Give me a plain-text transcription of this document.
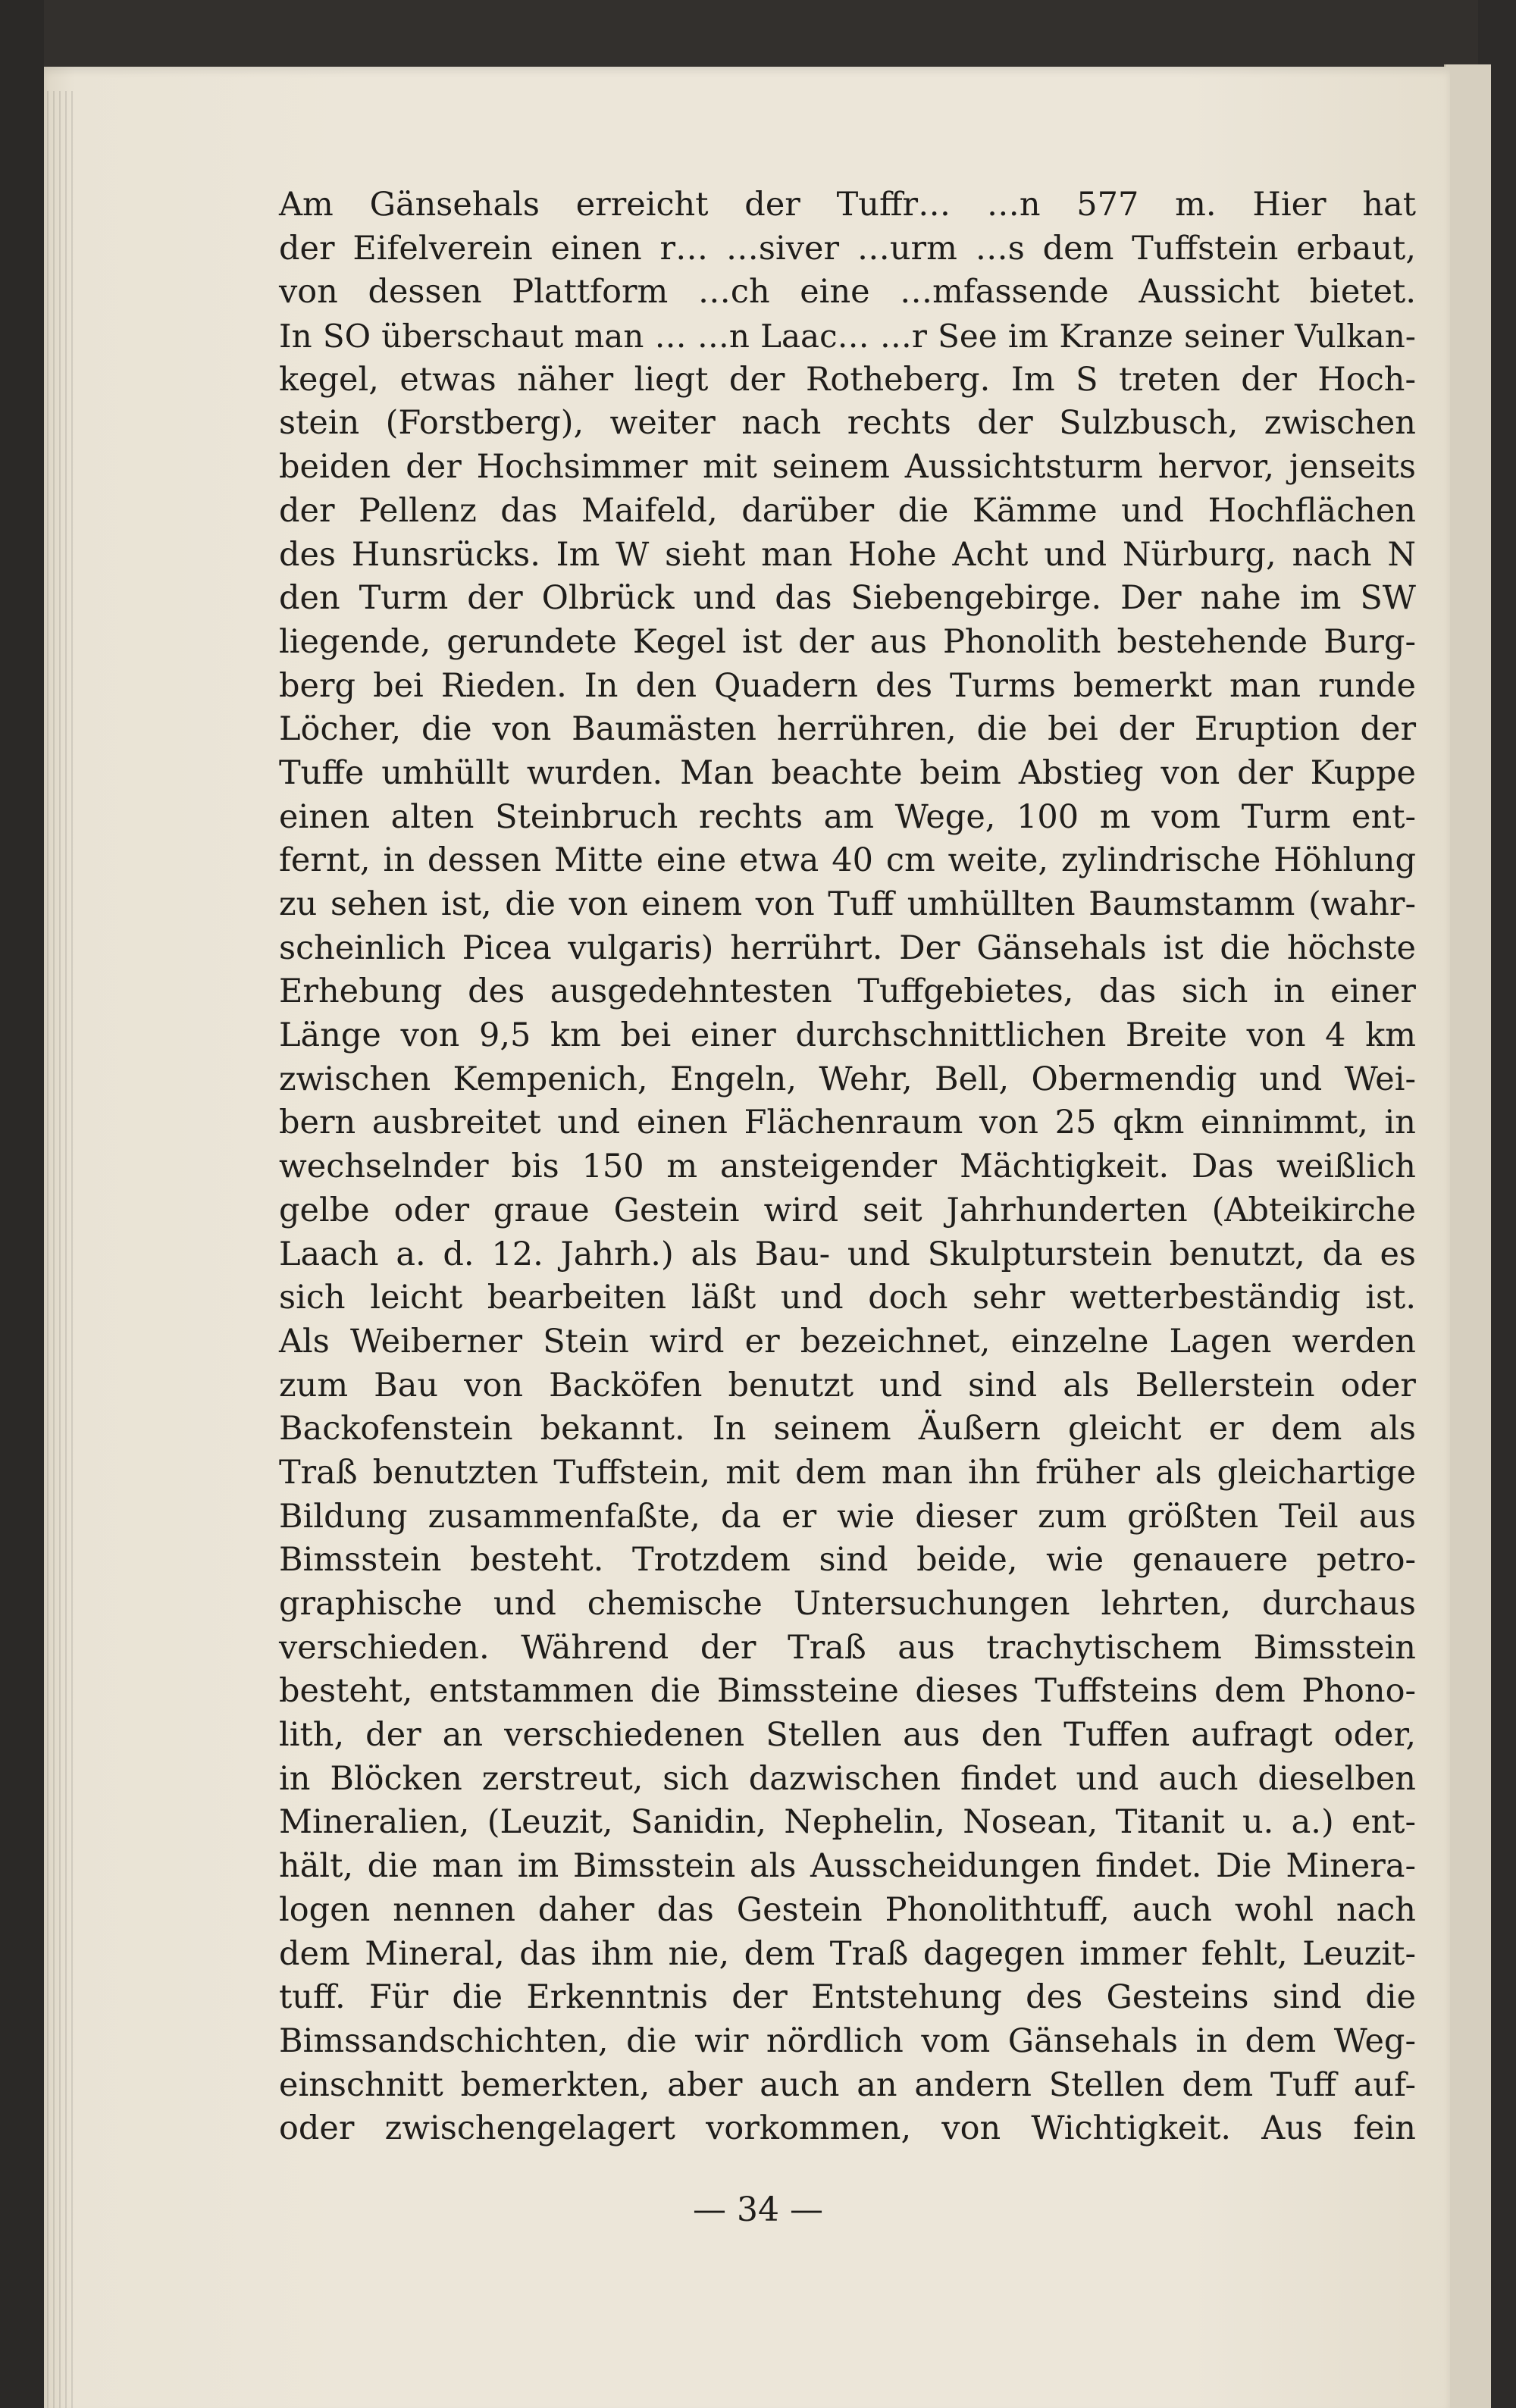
Am Gänsehals erreicht der Tuffr… …n 577 m. Hier hat
der Eifelverein einen r… …siver …urm …s dem Tuffstein erbaut,
von dessen Plattform …ch eine …mfassende Aussicht bietet.
In SO überschaut man … …n Laac… …r See im Kranze seiner Vulkan-
kegel, etwas näher liegt der Rotheberg. Im S treten der Hoch-
stein (Forstberg), weiter nach rechts der Sulzbusch, zwischen
beiden der Hochsimmer mit seinem Aussichtsturm hervor, jenseits
der Pellenz das Maifeld, darüber die Kämme und Hochflächen
des Hunsrücks. Im W sieht man Hohe Acht und Nürburg, nach N
den Turm der Olbrück und das Siebengebirge. Der nahe im SW
liegende, gerundete Kegel ist der aus Phonolith bestehende Burg-
berg bei Rieden. In den Quadern des Turms bemerkt man runde
Löcher, die von Baumästen herrühren, die bei der Eruption der
Tuffe umhüllt wurden. Man beachte beim Abstieg von der Kuppe
einen alten Steinbruch rechts am Wege, 100 m vom Turm ent-
fernt, in dessen Mitte eine etwa 40 cm weite, zylindrische Höhlung
zu sehen ist, die von einem von Tuff umhüllten Baumstamm (wahr-
scheinlich Picea vulgaris) herrührt. Der Gänsehals ist die höchste
Erhebung des ausgedehntesten Tuffgebietes, das sich in einer
Länge von 9,5 km bei einer durchschnittlichen Breite von 4 km
zwischen Kempenich, Engeln, Wehr, Bell, Obermendig und Wei-
bern ausbreitet und einen Flächenraum von 25 qkm einnimmt, in
wechselnder bis 150 m ansteigender Mächtigkeit. Das weißlich
gelbe oder graue Gestein wird seit Jahrhunderten (Abteikirche
Laach a. d. 12. Jahrh.) als Bau- und Skulpturstein benutzt, da es
sich leicht bearbeiten läßt und doch sehr wetterbeständig ist.
Als Weiberner Stein wird er bezeichnet, einzelne Lagen werden
zum Bau von Backöfen benutzt und sind als Bellerstein oder
Backofenstein bekannt. In seinem Äußern gleicht er dem als
Traß benutzten Tuffstein, mit dem man ihn früher als gleichartige
Bildung zusammenfaßte, da er wie dieser zum größten Teil aus
Bimsstein besteht. Trotzdem sind beide, wie genauere petro-
graphische und chemische Untersuchungen lehrten, durchaus
verschieden. Während der Traß aus trachytischem Bimsstein
besteht, entstammen die Bimssteine dieses Tuffsteins dem Phono-
lith, der an verschiedenen Stellen aus den Tuffen aufragt oder,
in Blöcken zerstreut, sich dazwischen findet und auch dieselben
Mineralien, (Leuzit, Sanidin, Nephelin, Nosean, Titanit u. a.) ent-
hält, die man im Bimsstein als Ausscheidungen findet. Die Minera-
logen nennen daher das Gestein Phonolithtuff, auch wohl nach
dem Mineral, das ihm nie, dem Traß dagegen immer fehlt, Leuzit-
tuff. Für die Erkenntnis der Entstehung des Gesteins sind die
Bimssandschichten, die wir nördlich vom Gänsehals in dem Weg-
einschnitt bemerkten, aber auch an andern Stellen dem Tuff auf-
oder zwischengelagert vorkommen, von Wichtigkeit. Aus fein
— 34 —
